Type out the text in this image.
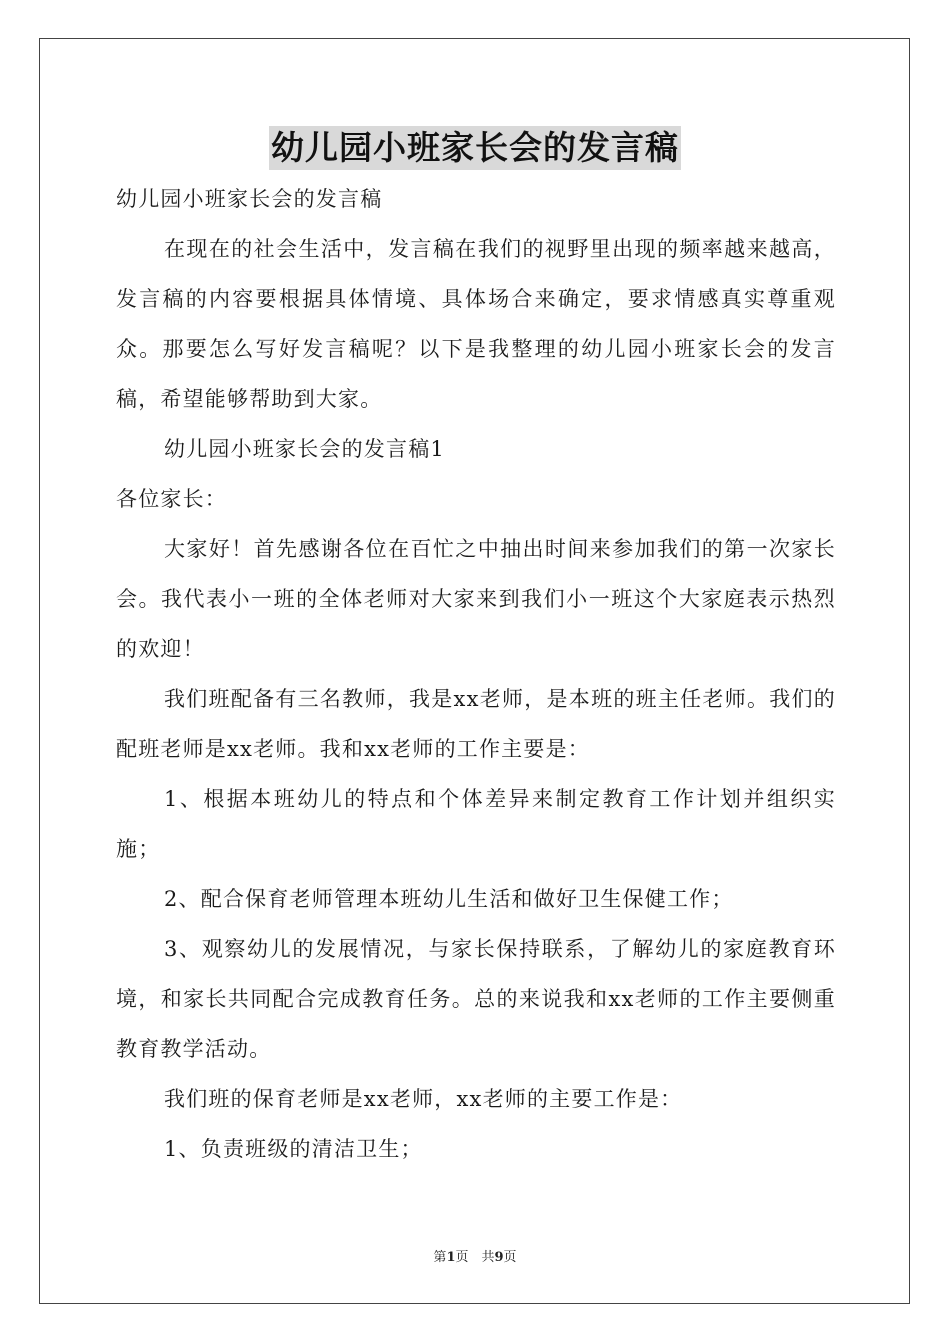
幼儿园小班家长会的发言稿

幼儿园小班家长会的发言稿

在现在的社会生活中，发言稿在我们的视野里出现的频率越来越高，发言稿的内容要根据具体情境、具体场合来确定，要求情感真实尊重观众。那要怎么写好发言稿呢？以下是我整理的幼儿园小班家长会的发言稿，希望能够帮助到大家。

幼儿园小班家长会的发言稿1

各位家长：

大家好！首先感谢各位在百忙之中抽出时间来参加我们的第一次家长会。我代表小一班的全体老师对大家来到我们小一班这个大家庭表示热烈的欢迎！

我们班配备有三名教师，我是xx老师，是本班的班主任老师。我们的配班老师是xx老师。我和xx老师的工作主要是：

1、根据本班幼儿的特点和个体差异来制定教育工作计划并组织实施；

2、配合保育老师管理本班幼儿生活和做好卫生保健工作；

3、观察幼儿的发展情况，与家长保持联系，了解幼儿的家庭教育环境，和家长共同配合完成教育任务。总的来说我和xx老师的工作主要侧重教育教学活动。

我们班的保育老师是xx老师，xx老师的主要工作是：

1、负责班级的清洁卫生；

第1页　共9页
